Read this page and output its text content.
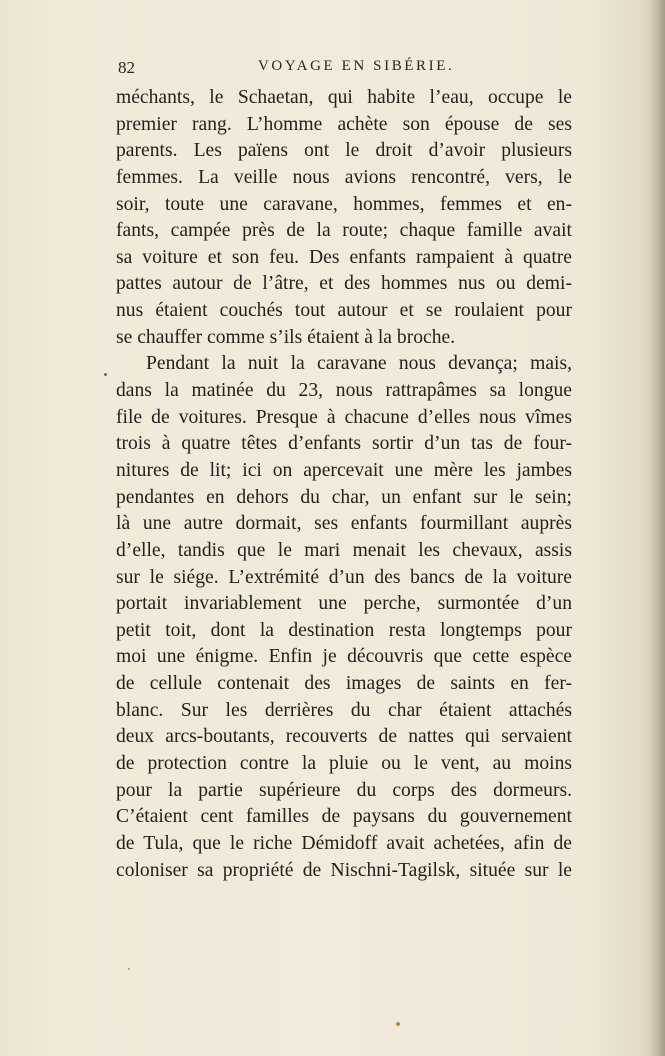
82	VOYAGE EN SIBÉRIE.
méchants, le Schaetan, qui habite l’eau, occupe le
premier rang. L’homme achète son épouse de ses
parents. Les païens ont le droit d’avoir plusieurs
femmes. La veille nous avions rencontré, vers, le
soir, toute une caravane, hommes, femmes et en-
fants, campée près de la route; chaque famille avait
sa voiture et son feu. Des enfants rampaient à quatre
pattes autour de l’âtre, et des hommes nus ou demi-
nus étaient couchés tout autour et se roulaient pour
se chauffer comme s’ils étaient à la broche.
Pendant la nuit la caravane nous devança; mais,
dans la matinée du 23, nous rattrapâmes sa longue
file de voitures. Presque à chacune d’elles nous vîmes
trois à quatre têtes d’enfants sortir d’un tas de four-
nitures de lit; ici on apercevait une mère les jambes
pendantes en dehors du char, un enfant sur le sein;
là une autre dormait, ses enfants fourmillant auprès
d’elle, tandis que le mari menait les chevaux, assis
sur le siége. L’extrémité d’un des bancs de la voiture
portait invariablement une perche, surmontée d’un
petit toit, dont la destination resta longtemps pour
moi une énigme. Enfin je découvris que cette espèce
de cellule contenait des images de saints en fer-
blanc. Sur les derrières du char étaient attachés
deux arcs-boutants, recouverts de nattes qui servaient
de protection contre la pluie ou le vent, au moins
pour la partie supérieure du corps des dormeurs.
C’étaient cent familles de paysans du gouvernement
de Tula, que le riche Démidoff avait achetées, afin de
coloniser sa propriété de Nischni-Tagilsk, située sur le
